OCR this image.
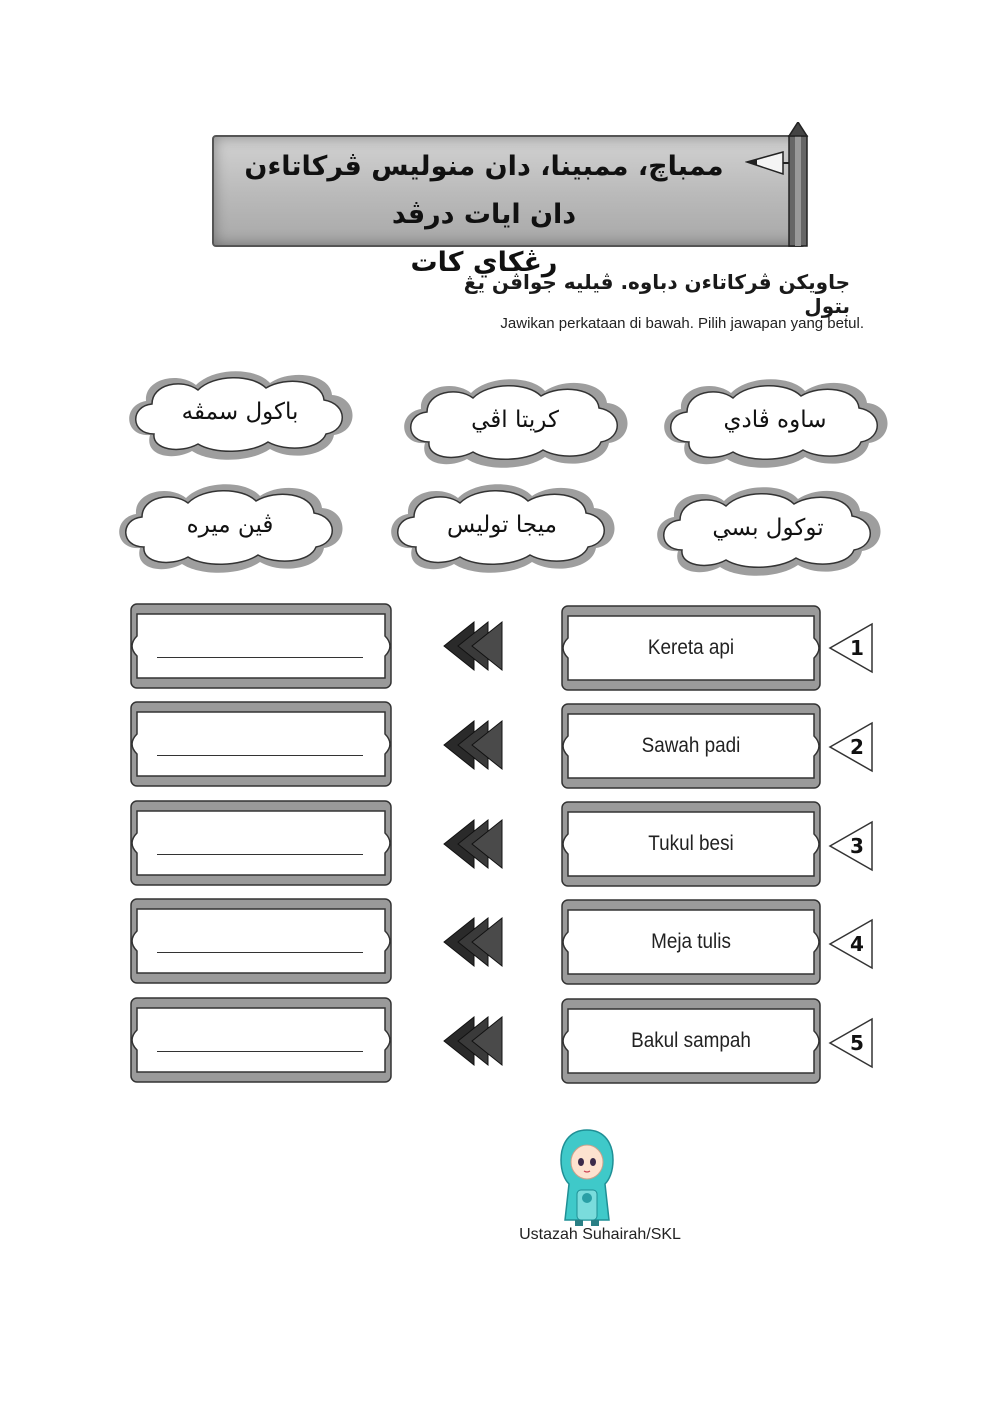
ممباچ، ممبينا، دان منوليس ڤركاتاءن دان ايات درڤد
رڠكاي كات
جاويكن ڤركاتاءن دباوه. ڤيليه جواڤن يڠ بتول
Jawikan perkataan di bawah. Pilih jawapan yang betul.
باكول سمڤه	كريتا اڤي	ساوه ڤادي
ڤين ميره	ميجا توليس	توكول بسي
Kereta api	1
Sawah padi	2
Tukul besi	3
Meja tulis	4
Bakul sampah	5
Ustazah Suhairah/SKL
